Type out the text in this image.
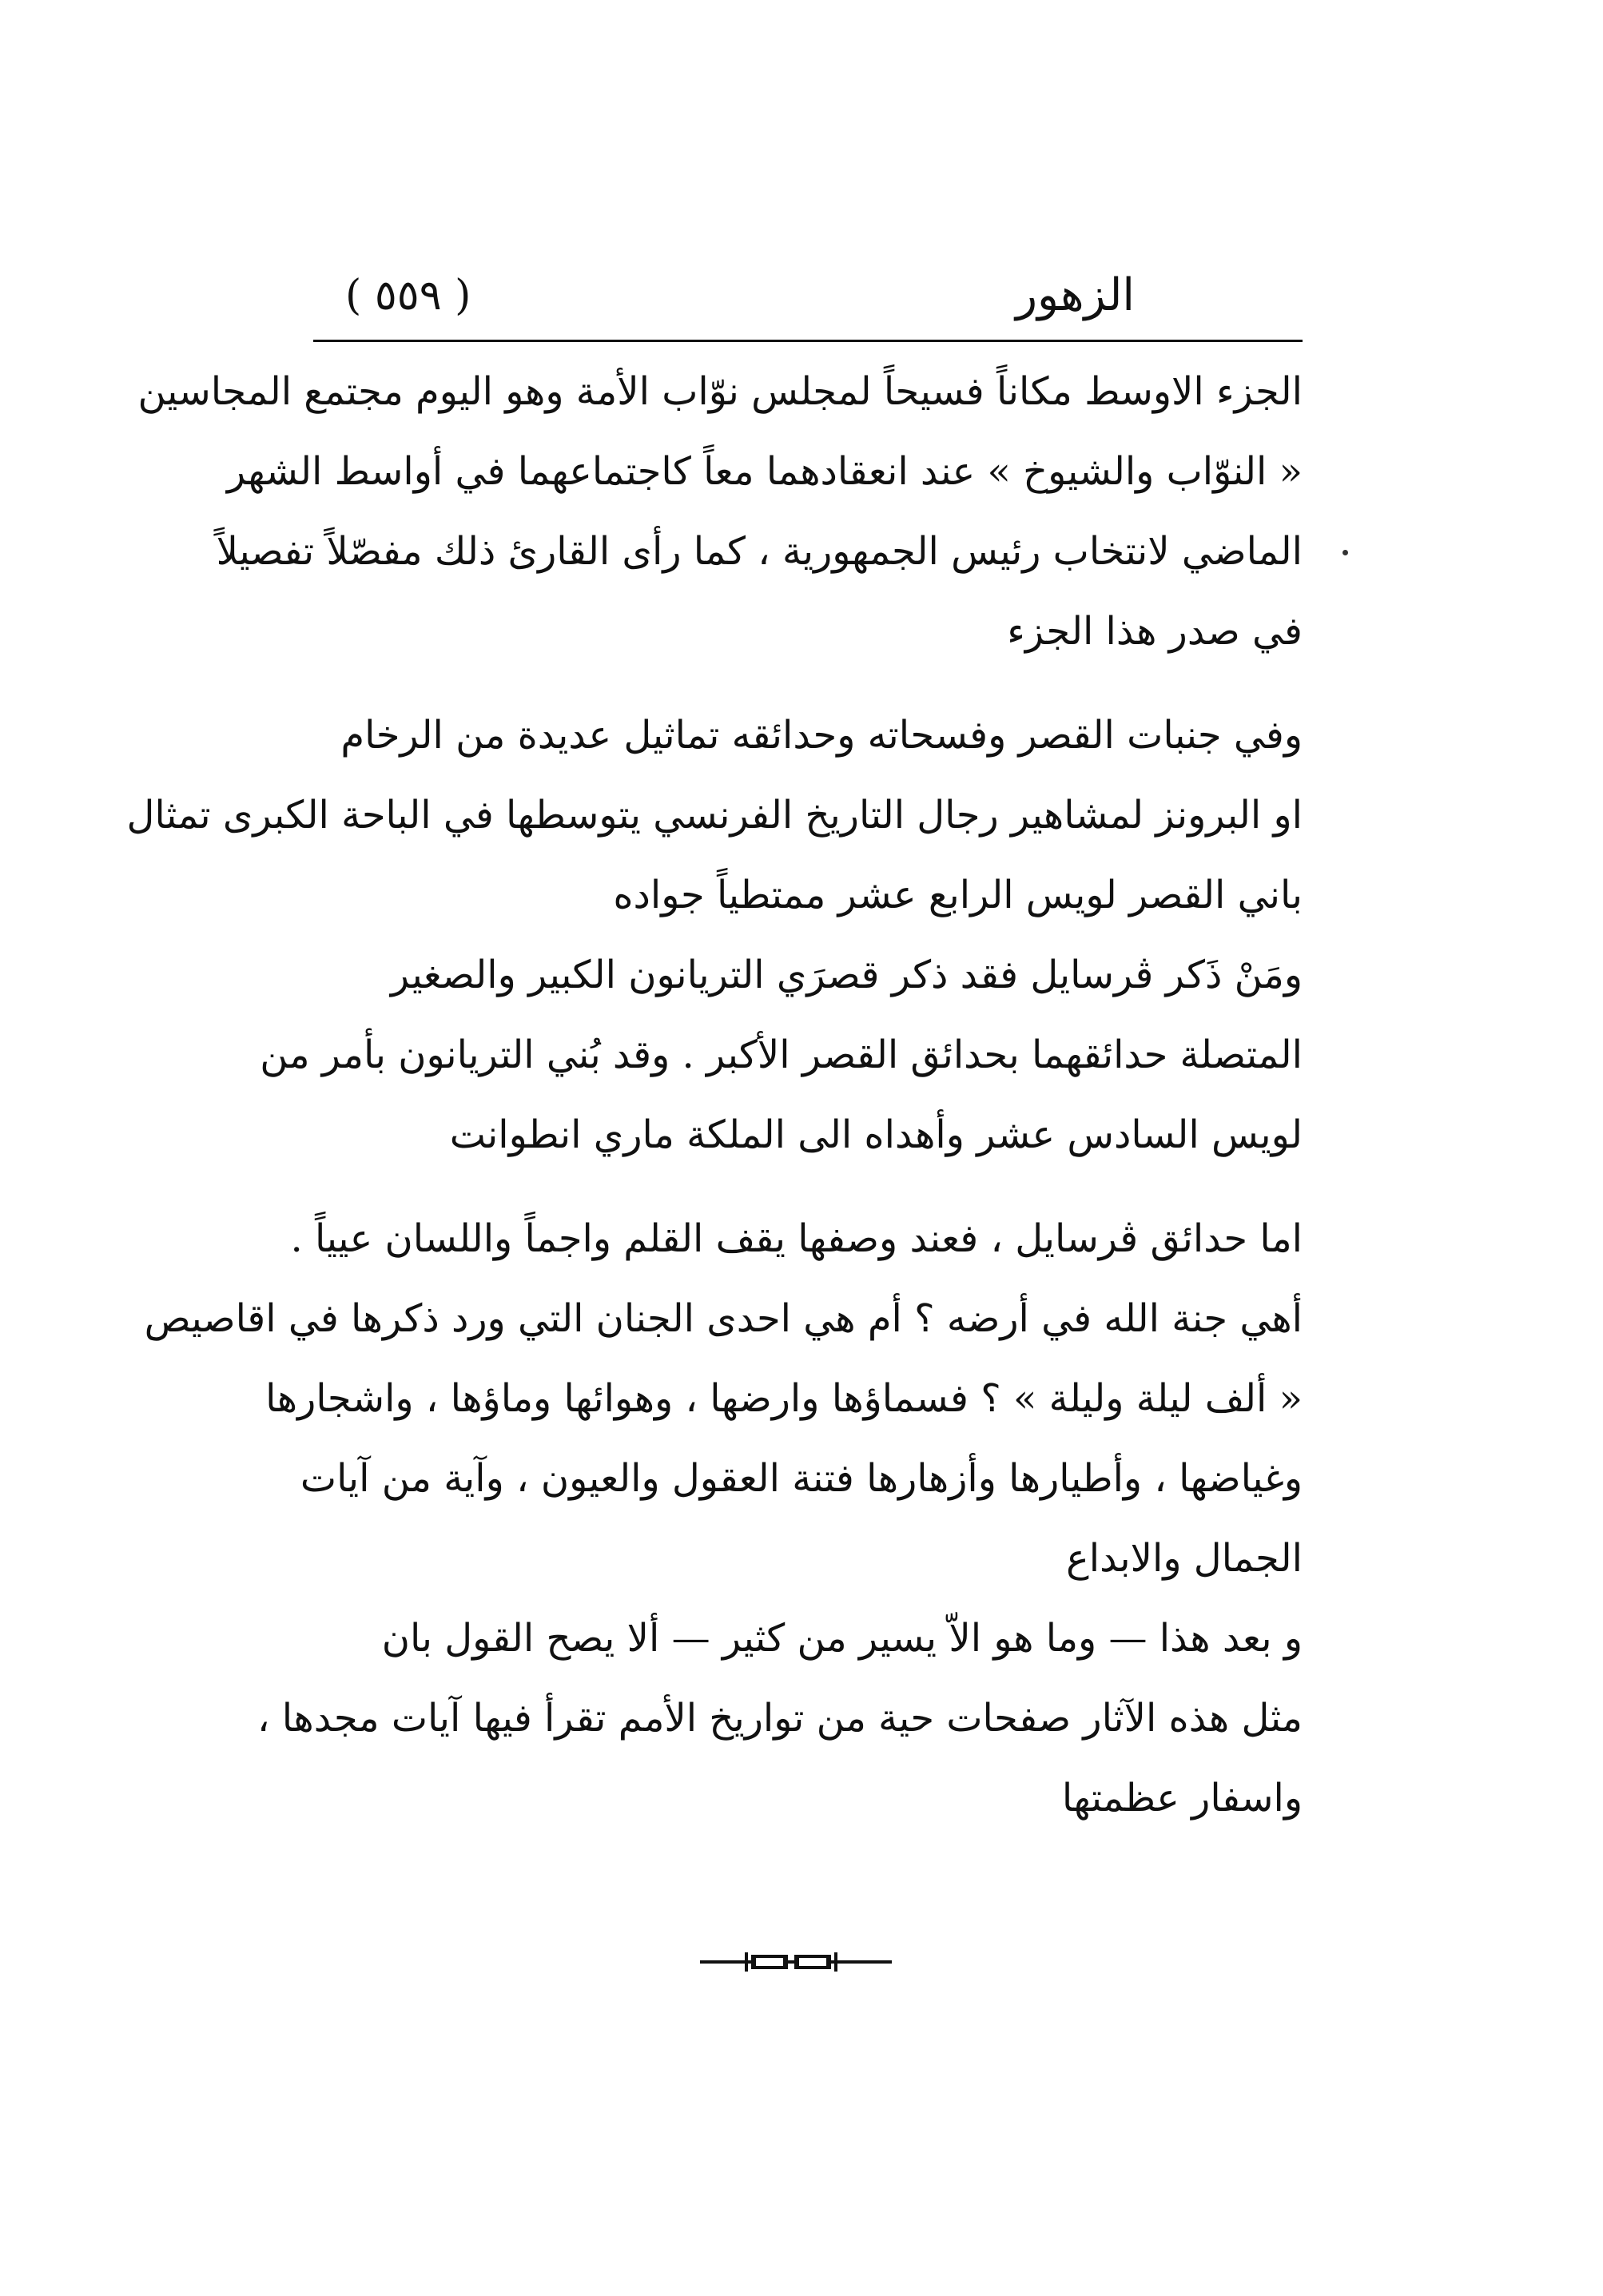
الزهور
( ٥٥٩ )
الجزء الاوسط مكاناً فسيحاً لمجلس نوّاب الأمة وهو اليوم مجتمع المجاسين
« النوّاب والشيوخ » عند انعقادهما معاً كاجتماعهما في أواسط الشهر
الماضي لانتخاب رئيس الجمهورية ، كما رأى القارئ ذلك مفصّلاً تفصيلاً
في صدر هذا الجزء
وفي جنبات القصر وفسحاته وحدائقه تماثيل عديدة من الرخام
او البرونز لمشاهير رجال التاريخ الفرنسي يتوسطها في الباحة الكبرى تمثال
باني القصر لويس الرابع عشر ممتطياً جواده
ومَنْ ذَكر ڤرسايل فقد ذكر قصرَي التريانون الكبير والصغير
المتصلة حدائقهما بحدائق القصر الأكبر . وقد بُني التريانون بأمر من
لويس السادس عشر وأهداه الى الملكة ماري انطوانت
اما حدائق ڤرسايل ، فعند وصفها يقف القلم واجماً واللسان عيياً .
أهي جنة الله في أرضه ؟ أم هي احدى الجنان التي ورد ذكرها في اقاصيص
« ألف ليلة وليلة » ؟ فسماؤها وارضها ، وهوائها وماؤها ، واشجارها
وغياضها ، وأطيارها وأزهارها فتنة العقول والعيون ، وآية من آيات
الجمال والابداع
و بعد هذا — وما هو الاّ يسير من كثير — ألا يصح القول بان
مثل هذه الآثار صفحات حية من تواريخ الأمم تقرأ فيها آيات مجدها ،
واسفار عظمتها
